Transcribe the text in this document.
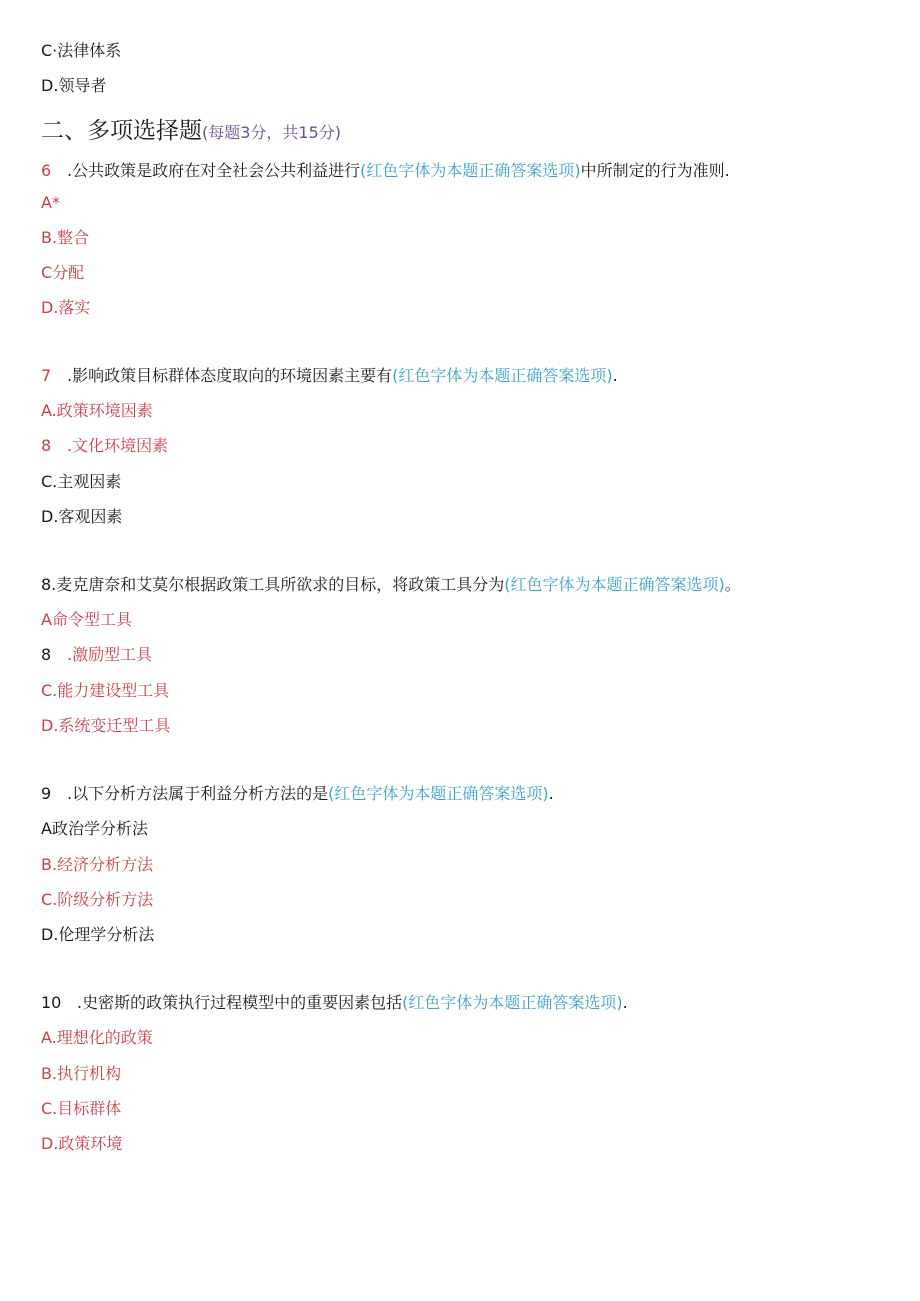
C·法律体系
D.领导者
二、多项选择题(每题3分，共15分)
6 .公共政策是政府在对全社会公共利益进行(红色字体为本题正确答案选项)中所制定的行为准则.
A*
B.整合
C分配
D.落实
7 .影响政策目标群体态度取向的环境因素主要有(红色字体为本题正确答案选项).
A.政策环境因素
8 .文化环境因素
C.主观因素
D.客观因素
8.麦克唐奈和艾莫尔根据政策工具所欲求的目标，将政策工具分为(红色字体为本题正确答案选项)。
A命令型工具
8 .激励型工具
C.能力建设型工具
D.系统变迁型工具
9 .以下分析方法属于利益分析方法的是(红色字体为本题正确答案选项).
A政治学分析法
B.经济分析方法
C.阶级分析方法
D.伦理学分析法
10 .史密斯的政策执行过程模型中的重要因素包括(红色字体为本题正确答案选项).
A.理想化的政策
B.执行机构
C.目标群体
D.政策环境
